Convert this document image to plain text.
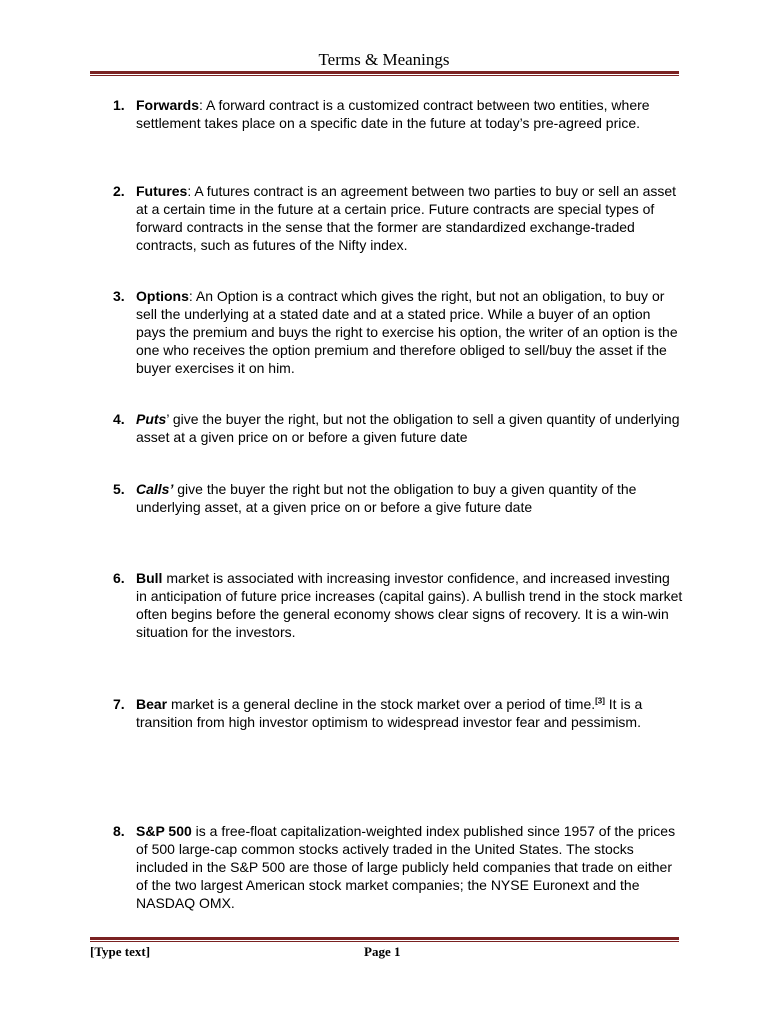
Terms & Meanings
1. Forwards: A forward contract is a customized contract between two entities, where settlement takes place on a specific date in the future at today’s pre-agreed price.
2. Futures: A futures contract is an agreement between two parties to buy or sell an asset at a certain time in the future at a certain price. Future contracts are special types of forward contracts in the sense that the former are standardized exchange-traded contracts, such as futures of the Nifty index.
3. Options: An Option is a contract which gives the right, but not an obligation, to buy or sell the underlying at a stated date and at a stated price. While a buyer of an option pays the premium and buys the right to exercise his option, the writer of an option is the one who receives the option premium and therefore obliged to sell/buy the asset if the buyer exercises it on him.
4. Puts’ give the buyer the right, but not the obligation to sell a given quantity of underlying asset at a given price on or before a given future date
5. Calls’ give the buyer the right but not the obligation to buy a given quantity of the underlying asset, at a given price on or before a give future date
6. Bull market is associated with increasing investor confidence, and increased investing in anticipation of future price increases (capital gains). A bullish trend in the stock market often begins before the general economy shows clear signs of recovery. It is a win-win situation for the investors.
7. Bear market is a general decline in the stock market over a period of time.[3] It is a transition from high investor optimism to widespread investor fear and pessimism.
8. S&P 500 is a free-float capitalization-weighted index published since 1957 of the prices of 500 large-cap common stocks actively traded in the United States. The stocks included in the S&P 500 are those of large publicly held companies that trade on either of the two largest American stock market companies; the NYSE Euronext and the NASDAQ OMX.
[Type text]	Page 1
